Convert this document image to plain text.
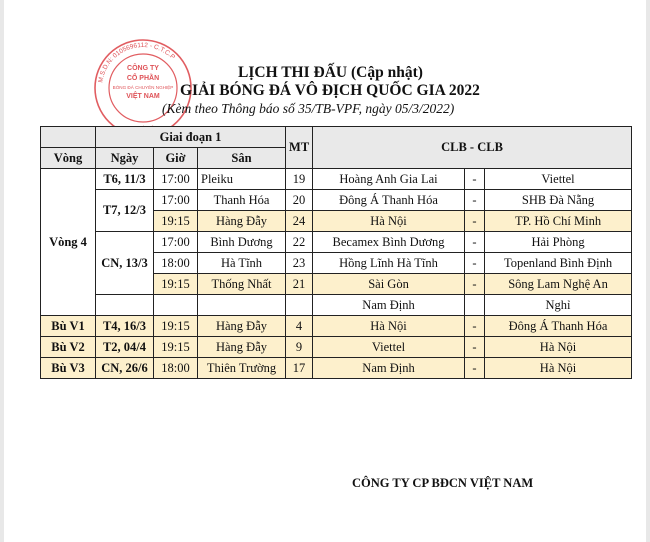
M.S.D.N: 0105696112 - C.T.C.P
CÔNG TY
CỔ PHẦN
BÓNG ĐÁ CHUYÊN NGHIỆP
VIỆT NAM
LỊCH THI ĐẤU (Cập nhật)
GIẢI BÓNG ĐÁ VÔ ĐỊCH QUỐC GIA 2022
(Kèm theo Thông báo số 35/TB-VPF, ngày 05/3/2022)
	Giai đoạn 1			MT	CLB - CLB		
Vòng	Ngày	Giờ	Sân				
Vòng 4	T6, 11/3	17:00	Pleiku	19	Hoàng Anh Gia Lai	-	Viettel
	T7, 12/3	17:00	Thanh Hóa	20	Đông Á Thanh Hóa	-	SHB Đà Nẵng
		19:15	Hàng Đẫy	24	Hà Nội	-	TP. Hồ Chí Minh
	CN, 13/3	17:00	Bình Dương	22	Becamex Bình Dương	-	Hải Phòng
		18:00	Hà Tĩnh	23	Hồng Lĩnh Hà Tĩnh	-	Topenland Bình Định
		19:15	Thống Nhất	21	Sài Gòn	-	Sông Lam Nghệ An
					Nam Định		Nghỉ
Bù V1	T4, 16/3	19:15	Hàng Đẫy	4	Hà Nội	-	Đông Á Thanh Hóa
Bù V2	T2, 04/4	19:15	Hàng Đẫy	9	Viettel	-	Hà Nội
Bù V3	CN, 26/6	18:00	Thiên Trường	17	Nam Định	-	Hà Nội
CÔNG TY CP BĐCN VIỆT NAM
